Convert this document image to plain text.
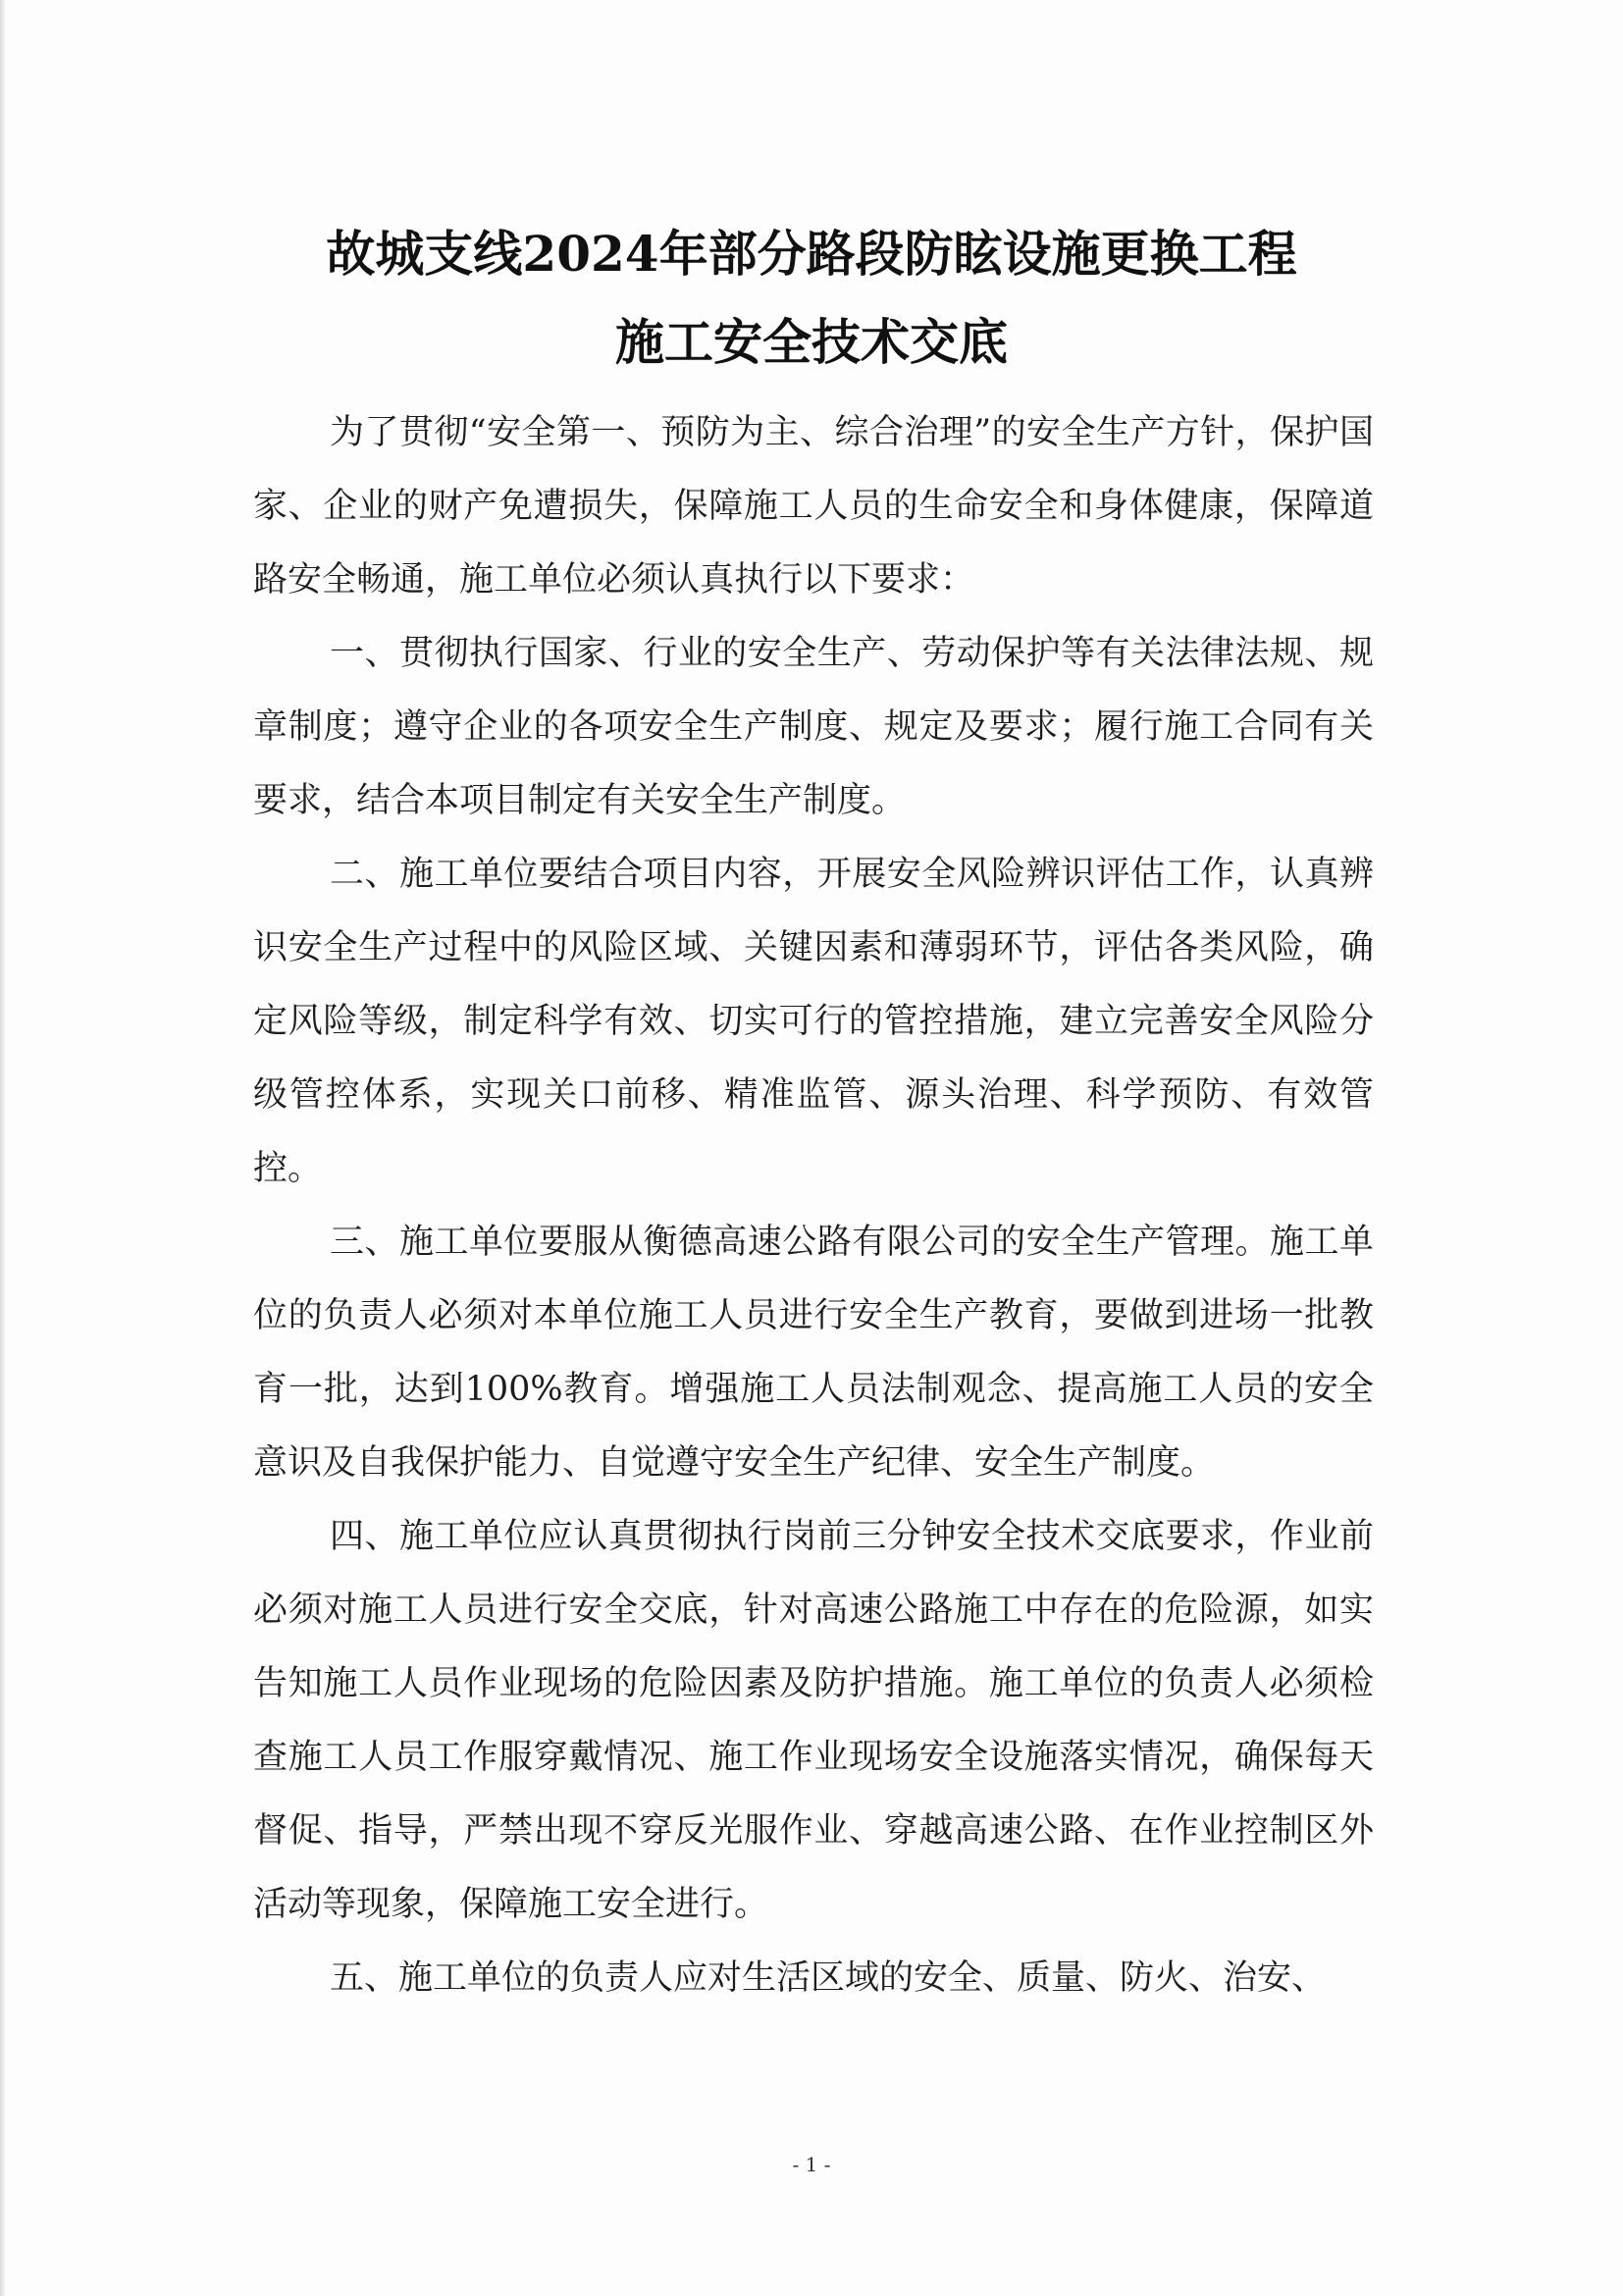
故城支线2024年部分路段防眩设施更换工程
施工安全技术交底

为了贯彻“安全第一、预防为主、综合治理”的安全生产方针，保护国家、企业的财产免遭损失，保障施工人员的生命安全和身体健康，保障道路安全畅通，施工单位必须认真执行以下要求：

一、贯彻执行国家、行业的安全生产、劳动保护等有关法律法规、规章制度；遵守企业的各项安全生产制度、规定及要求；履行施工合同有关要求，结合本项目制定有关安全生产制度。

二、施工单位要结合项目内容，开展安全风险辨识评估工作，认真辨识安全生产过程中的风险区域、关键因素和薄弱环节，评估各类风险，确定风险等级，制定科学有效、切实可行的管控措施，建立完善安全风险分级管控体系，实现关口前移、精准监管、源头治理、科学预防、有效管控。

三、施工单位要服从衡德高速公路有限公司的安全生产管理。施工单位的负责人必须对本单位施工人员进行安全生产教育，要做到进场一批教育一批，达到100%教育。增强施工人员法制观念、提高施工人员的安全意识及自我保护能力、自觉遵守安全生产纪律、安全生产制度。

四、施工单位应认真贯彻执行岗前三分钟安全技术交底要求，作业前必须对施工人员进行安全交底，针对高速公路施工中存在的危险源，如实告知施工人员作业现场的危险因素及防护措施。施工单位的负责人必须检查施工人员工作服穿戴情况、施工作业现场安全设施落实情况，确保每天督促、指导，严禁出现不穿反光服作业、穿越高速公路、在作业控制区外活动等现象，保障施工安全进行。

五、施工单位的负责人应对生活区域的安全、质量、防火、治安、

- 1 -
